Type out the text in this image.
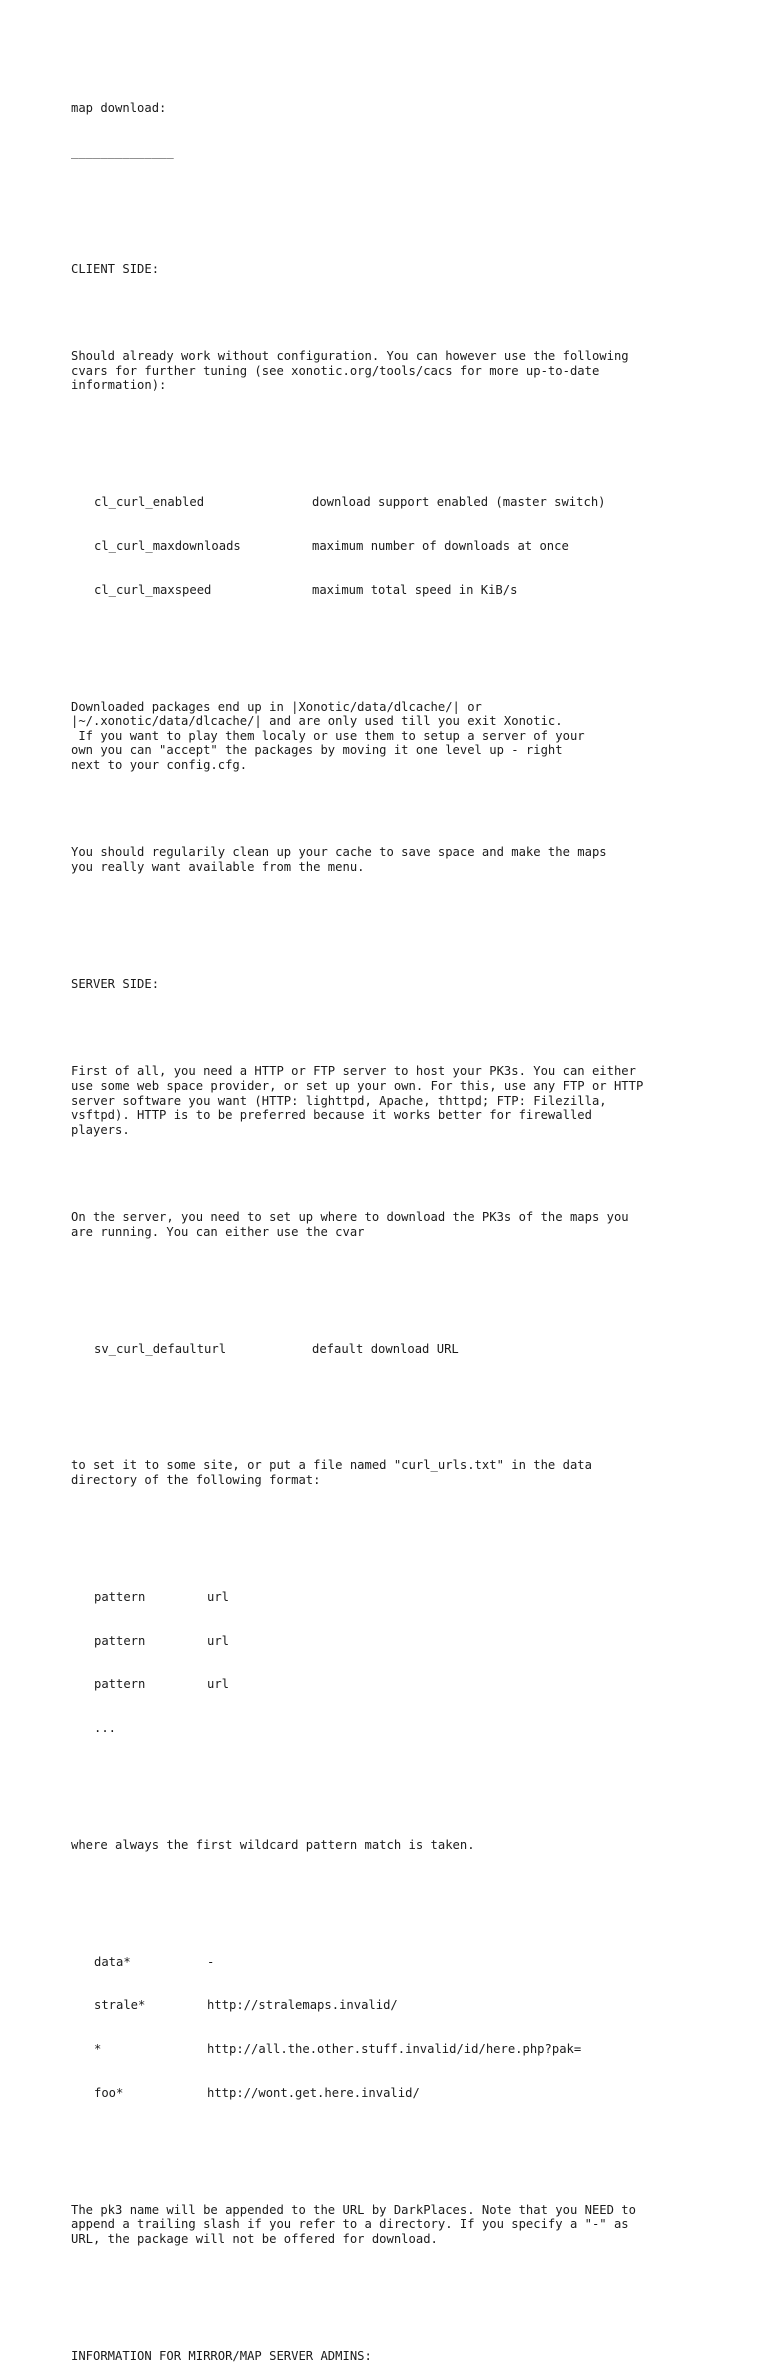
map download:

______________

CLIENT SIDE:

Should already work without configuration. You can however use the following
cvars for further tuning (see xonotic.org/tools/cacs for more up-to-date
information):

cl_curl_enabled	download support enabled (master switch)

cl_curl_maxdownloads	maximum number of downloads at once

cl_curl_maxspeed	maximum total speed in KiB/s

Downloaded packages end up in |Xonotic/data/dlcache/| or
|~/.xonotic/data/dlcache/| and are only used till you exit Xonotic.
If you want to play them localy or use them to setup a server of your
own you can "accept" the packages by moving it one level up - right
next to your config.cfg.

You should regularily clean up your cache to save space and make the maps
you really want available from the menu.

SERVER SIDE:

First of all, you need a HTTP or FTP server to host your PK3s. You can either
use some web space provider, or set up your own. For this, use any FTP or HTTP
server software you want (HTTP: lighttpd, Apache, thttpd; FTP: Filezilla,
vsftpd). HTTP is to be preferred because it works better for firewalled
players.

On the server, you need to set up where to download the PK3s of the maps you
are running. You can either use the cvar

sv_curl_defaulturl	default download URL

to set it to some site, or put a file named "curl_urls.txt" in the data
directory of the following format:

pattern	url

pattern	url

pattern	url

...

where always the first wildcard pattern match is taken.

data*	-

strale*	http://stralemaps.invalid/

*	http://all.the.other.stuff.invalid/id/here.php?pak=

foo*	http://wont.get.here.invalid/

The pk3 name will be appended to the URL by DarkPlaces. Note that you NEED to
append a trailing slash if you refer to a directory. If you specify a "-" as
URL, the package will not be offered for download.

INFORMATION FOR MIRROR/MAP SERVER ADMINS:
